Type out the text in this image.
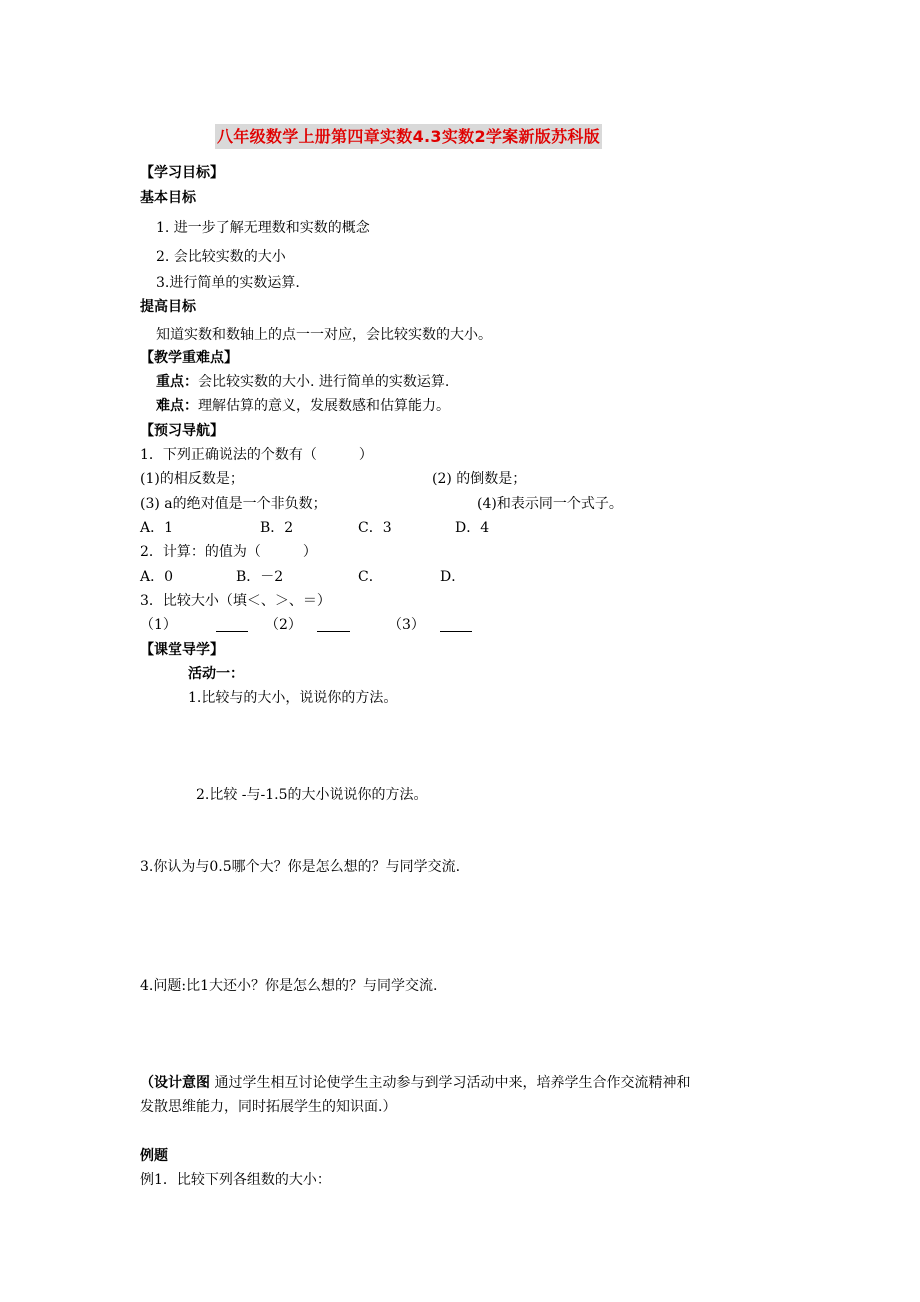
八年级数学上册第四章实数4.3实数2学案新版苏科版
【学习目标】
基本目标
1. 进一步了解无理数和实数的概念
2. 会比较实数的大小
3.进行简单的实数运算.
提高目标
知道实数和数轴上的点一一对应，会比较实数的大小。
【教学重难点】
重点：会比较实数的大小. 进行简单的实数运算.
难点：理解估算的意义，发展数感和估算能力。
【预习导航】
1．下列正确说法的个数有（　　　）
(1)的相反数是；	(2) 的倒数是；
(3) a的绝对值是一个非负数；	(4)和表示同一个式子。
A．1	B．2	C．3	D．4
2．计算：的值为（　　　）
A．0	B．－2	C．	D．
3．比较大小（填＜、＞、＝）
（1）	（2）	（3）
【课堂导学】
活动一：
1.比较与的大小，说说你的方法。
2.比较 -与-1.5的大小说说你的方法。
3.你认为与0.5哪个大？你是怎么想的？与同学交流.
4.问题:比1大还小？你是怎么想的？与同学交流.
（设计意图 通过学生相互讨论使学生主动参与到学习活动中来，培养学生合作交流精神和
发散思维能力，同时拓展学生的知识面.）
例题
例1．比较下列各组数的大小：
